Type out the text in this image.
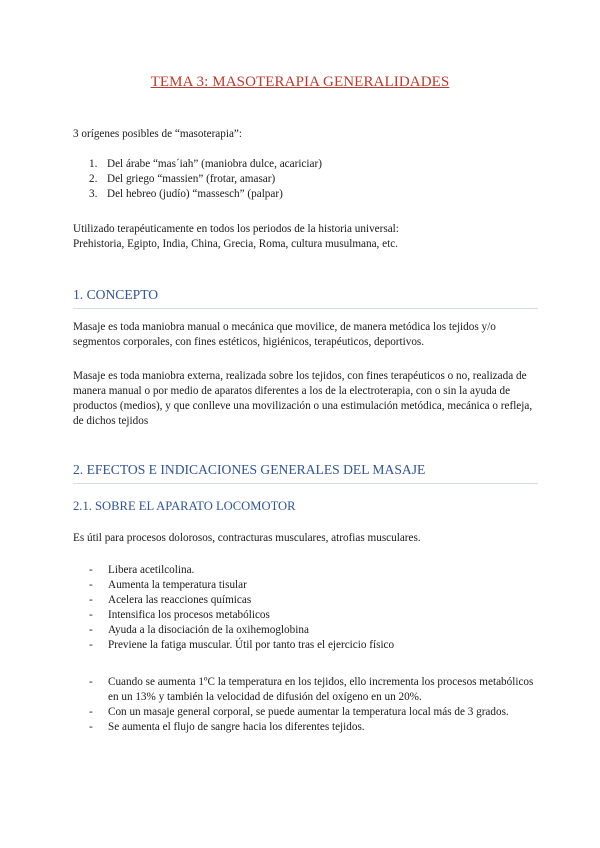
TEMA 3: MASOTERAPIA GENERALIDADES

3 orígenes posibles de “masoterapia”:

1. Del árabe “mas´iah” (maniobra dulce, acariciar)
2. Del griego “massien” (frotar, amasar)
3. Del hebreo (judío) “massesch” (palpar)

Utilizado terapéuticamente en todos los periodos de la historia universal:

Prehistoria, Egipto, India, China, Grecia, Roma, cultura musulmana, etc.

1. CONCEPTO

Masaje es toda maniobra manual o mecánica que movilice, de manera metódica los tejidos y/o segmentos corporales, con fines estéticos, higiénicos, terapéuticos, deportivos.

Masaje es toda maniobra externa, realizada sobre los tejidos, con fines terapéuticos o no, realizada de manera manual o por medio de aparatos diferentes a los de la electroterapia, con o sin la ayuda de productos (medios), y que conlleve una movilización o una estimulación metódica, mecánica o refleja, de dichos tejidos

2. EFECTOS E INDICACIONES GENERALES DEL MASAJE
2.1. SOBRE EL APARATO LOCOMOTOR

Es útil para procesos dolorosos, contracturas musculares, atrofias musculares.

- Libera acetilcolina.
- Aumenta la temperatura tisular
- Acelera las reacciones químicas
- Intensifica los procesos metabólicos
- Ayuda a la disociación de la oxihemoglobina
- Previene la fatiga muscular. Útil por tanto tras el ejercicio físico
- Cuando se aumenta 1ºC la temperatura en los tejidos, ello incrementa los procesos metabólicos en un 13% y también la velocidad de difusión del oxígeno en un 20%.
- Con un masaje general corporal, se puede aumentar la temperatura local más de 3 grados.
- Se aumenta el flujo de sangre hacia los diferentes tejidos.
